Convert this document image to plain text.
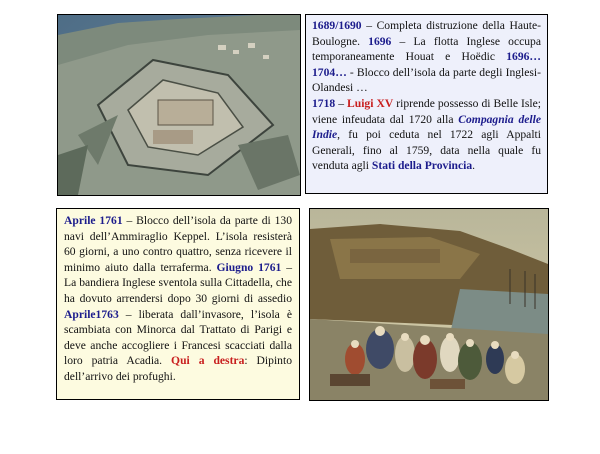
1689/1690 – Completa distruzione della Haute-Boulogne. 1696 – La flotta Inglese occupa temporaneamente Houat e Hoëdic 1696…1704… - Blocco dell’isola da parte degli Inglesi-Olandesi …
1718 – Luigi XV riprende possesso di Belle Isle; viene infeudata dal 1720 alla Compagnia delle Indie, fu poi ceduta nel 1722 agli Appalti Generali, fino al 1759, data nella quale fu venduta agli Stati della Provincia.
Aprile 1761 – Blocco dell’isola da parte di 130 navi dell’Ammiraglio Keppel. L’isola resisterà 60 giorni, a uno contro quattro, senza ricevere il minimo aiuto dalla terraferma. Giugno 1761 – La bandiera Inglese sventola sulla Cittadella, che ha dovuto arrendersi dopo 30 giorni di assedio Aprile1763 – liberata dall’invasore, l’isola è scambiata con Minorca dal Trattato di Parigi e deve anche accogliere i Francesi scacciati dalla loro patria Acadia. Qui a destra: Dipinto dell’arrivo dei profughi.
